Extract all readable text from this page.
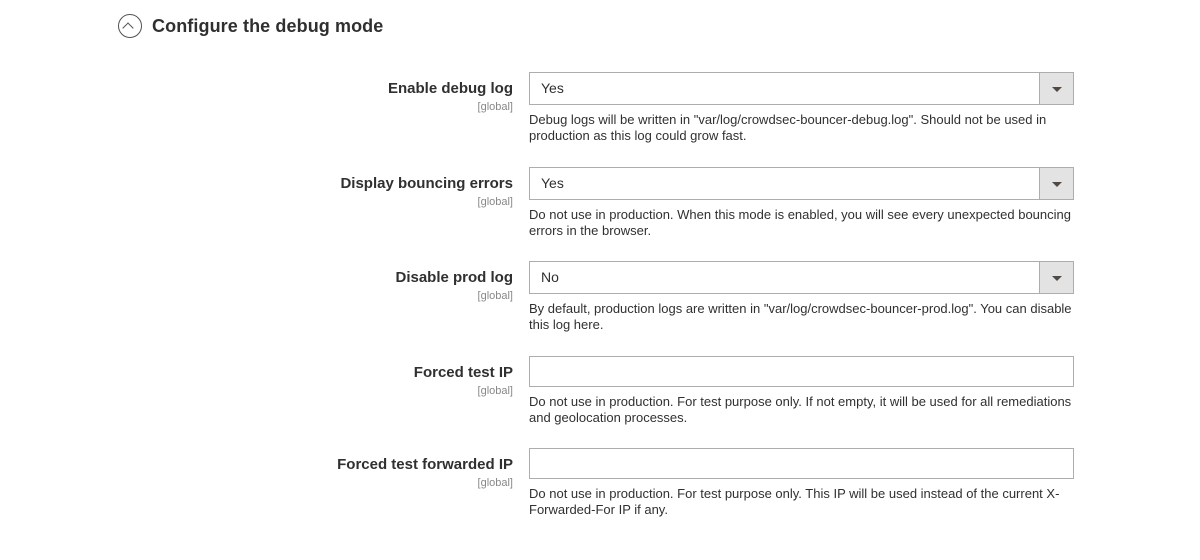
Configure the debug mode
Enable debug log
[global]
Yes
Debug logs will be written in "var/log/crowdsec-bouncer-debug.log". Should not be used in production as this log could grow fast.
Display bouncing errors
[global]
Yes
Do not use in production. When this mode is enabled, you will see every unexpected bouncing errors in the browser.
Disable prod log
[global]
No
By default, production logs are written in "var/log/crowdsec-bouncer-prod.log". You can disable this log here.
Forced test IP
[global]
Do not use in production. For test purpose only. If not empty, it will be used for all remediations and geolocation processes.
Forced test forwarded IP
[global]
Do not use in production. For test purpose only. This IP will be used instead of the current X-Forwarded-For IP if any.
